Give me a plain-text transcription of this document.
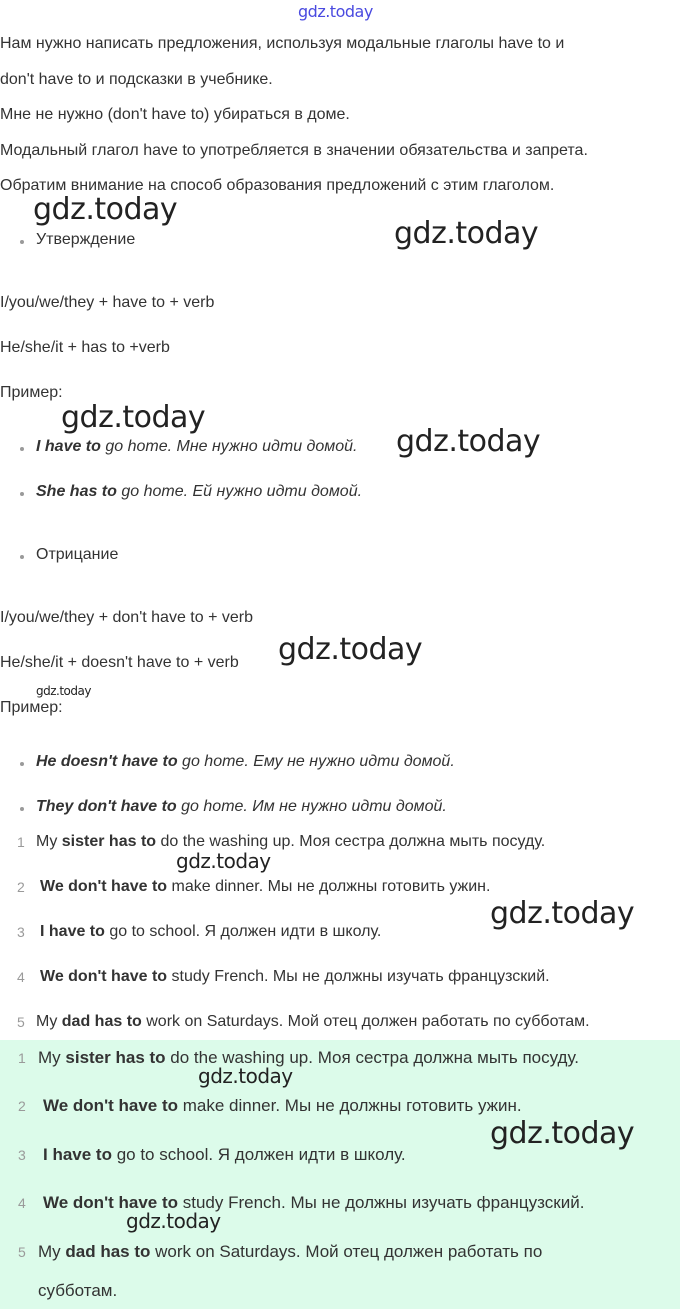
gdz.today
Нам нужно написать предложения, используя модальные глаголы have to и
don't have to и подсказки в учебнике.
Мне не нужно (don't have to) убираться в доме.
Модальный глагол have to употребляется в значении обязательства и запрета.
Обратим внимание на способ образования предложений с этим глаголом.
gdz.today
gdz.today
Утверждение
I/you/we/they + have to + verb
He/she/it + has to +verb
Пример:
gdz.today
I have to go home. Мне нужно идти домой. gdz.today
She has to go home. Ей нужно идти домой.
Отрицание
I/you/we/they + don't have to + verb
He/she/it + doesn't have to + verb gdz.today
gdz.today
Пример:
He doesn't have to go home. Ему не нужно идти домой.
They don't have to go home. Им не нужно идти домой.
1 My sister has to do the washing up. Моя сестра должна мыть посуду.
gdz.today
2 We don't have to make dinner. Мы не должны готовить ужин.
gdz.today
3 I have to go to school. Я должен идти в школу.
4 We don't have to study French. Мы не должны изучать французский.
5 My dad has to work on Saturdays. Мой отец должен работать по субботам.
1 My sister has to do the washing up. Моя сестра должна мыть посуду.
gdz.today
2 We don't have to make dinner. Мы не должны готовить ужин.
gdz.today
3 I have to go to school. Я должен идти в школу.
4 We don't have to study French. Мы не должны изучать французский.
gdz.today
5 My dad has to work on Saturdays. Мой отец должен работать по
субботам.
